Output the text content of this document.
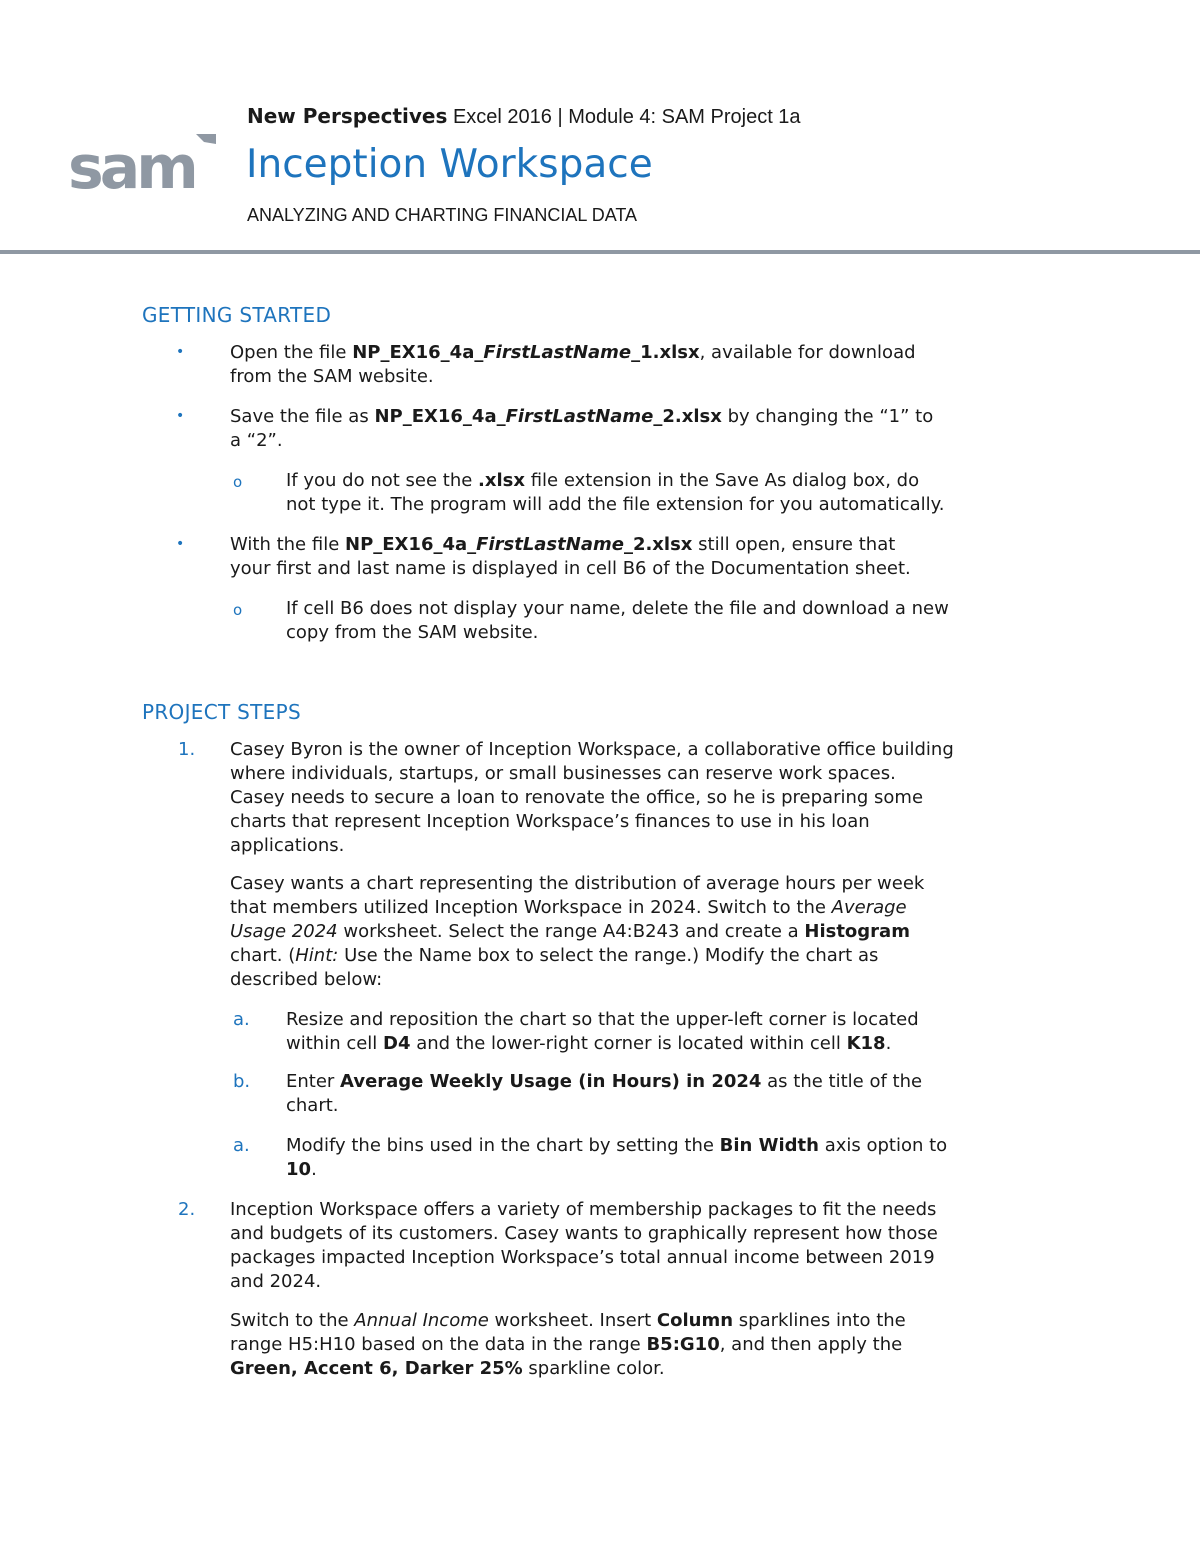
sam
New Perspectives Excel 2016 | Module 4: SAM Project 1a
Inception Workspace
ANALYZING AND CHARTING FINANCIAL DATA
GETTING STARTED
•	Open the file NP_EX16_4a_FirstLastName_1.xlsx, available for download
from the SAM website.
•	Save the file as NP_EX16_4a_FirstLastName_2.xlsx by changing the “1” to
a “2”.
o If you do not see the .xlsx file extension in the Save As dialog box, do
not type it. The program will add the file extension for you automatically.
•	With the file NP_EX16_4a_FirstLastName_2.xlsx still open, ensure that
your first and last name is displayed in cell B6 of the Documentation sheet.
o If cell B6 does not display your name, delete the file and download a new
copy from the SAM website.
PROJECT STEPS
1. Casey Byron is the owner of Inception Workspace, a collaborative office building
where individuals, startups, or small businesses can reserve work spaces.
Casey needs to secure a loan to renovate the office, so he is preparing some
charts that represent Inception Workspace’s finances to use in his loan
applications.
Casey wants a chart representing the distribution of average hours per week
that members utilized Inception Workspace in 2024. Switch to the Average
Usage 2024 worksheet. Select the range A4:B243 and create a Histogram
chart. (Hint: Use the Name box to select the range.) Modify the chart as
described below:
a. Resize and reposition the chart so that the upper-left corner is located
within cell D4 and the lower-right corner is located within cell K18.
b. Enter Average Weekly Usage (in Hours) in 2024 as the title of the
chart.
a. Modify the bins used in the chart by setting the Bin Width axis option to
10.
2. Inception Workspace offers a variety of membership packages to fit the needs
and budgets of its customers. Casey wants to graphically represent how those
packages impacted Inception Workspace’s total annual income between 2019
and 2024.
Switch to the Annual Income worksheet. Insert Column sparklines into the
range H5:H10 based on the data in the range B5:G10, and then apply the
Green, Accent 6, Darker 25% sparkline color.
